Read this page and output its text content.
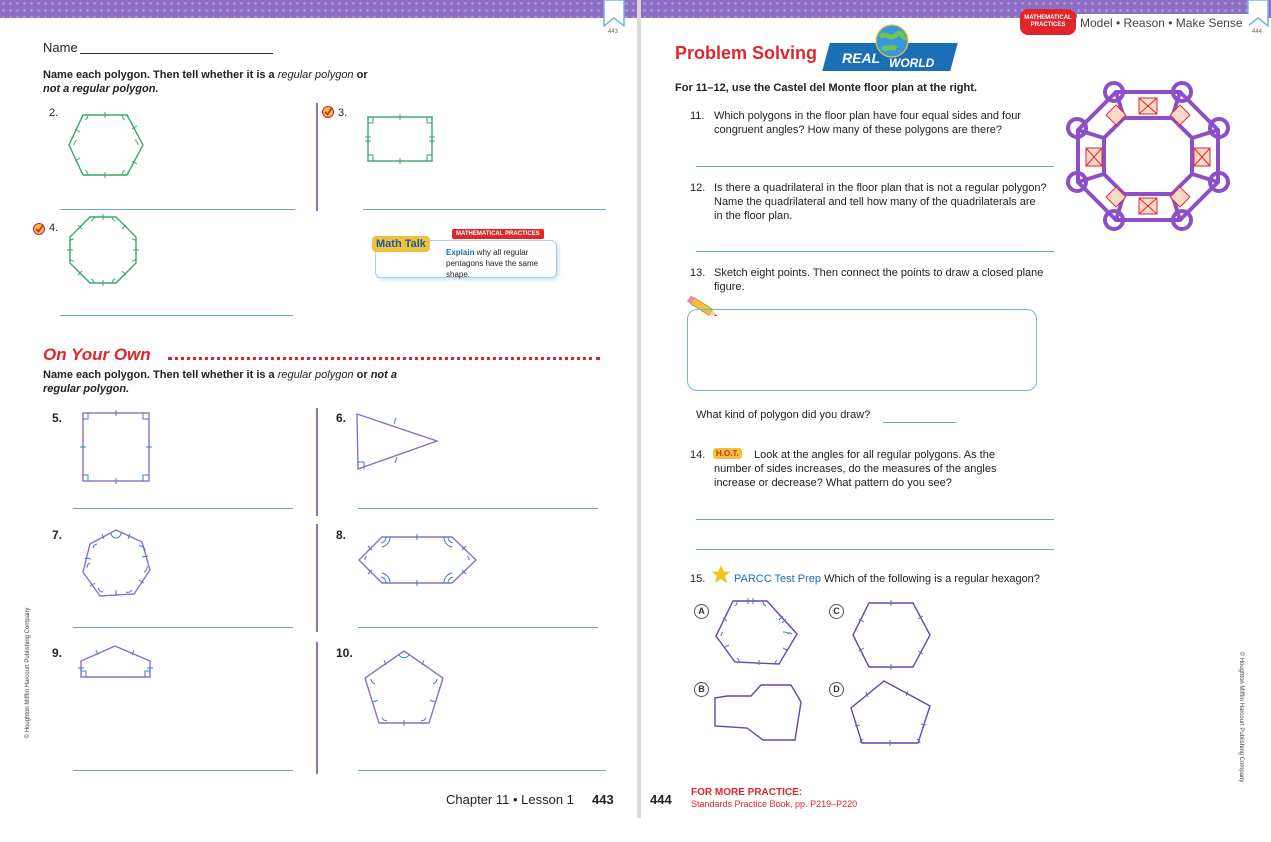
443	444
Name
Name each polygon. Then tell whether it is a regular polygon or
not a regular polygon.
2.	3.
4.
Explain why all regular
pentagons have the same shape.
Math Talk
MATHEMATICAL PRACTICES
On Your Own
Name each polygon. Then tell whether it is a regular polygon or not a regular polygon.
5.	6.
7.	8.
9.	10.
Chapter 11 • Lesson 1 443
© Houghton Mifflin Harcourt Publishing Company
MATHEMATICAL PRACTICES	Model • Reason • Make Sense
Problem Solving REAL WORLD
For 11–12, use the Castel del Monte floor plan at the right.
11. Which polygons in the floor plan have four equal sides and four
congruent angles? How many of these polygons are there?
12. Is there a quadrilateral in the floor plan that is not a regular polygon?
Name the quadrilateral and tell how many of the quadrilaterals are
in the floor plan.
13. Sketch eight points. Then connect the points to draw a closed plane
figure.
What kind of polygon did you draw?
14.	H.O.T. Look at the angles for all regular polygons. As the
number of sides increases, do the measures of the angles
increase or decrease? What pattern do you see?
15.	PARCC Test Prep Which of the following is a regular hexagon?
A
B
C
D
444 FOR MORE PRACTICE:
Standards Practice Book, pp. P219–P220
© Houghton Mifflin Harcourt Publishing Company
